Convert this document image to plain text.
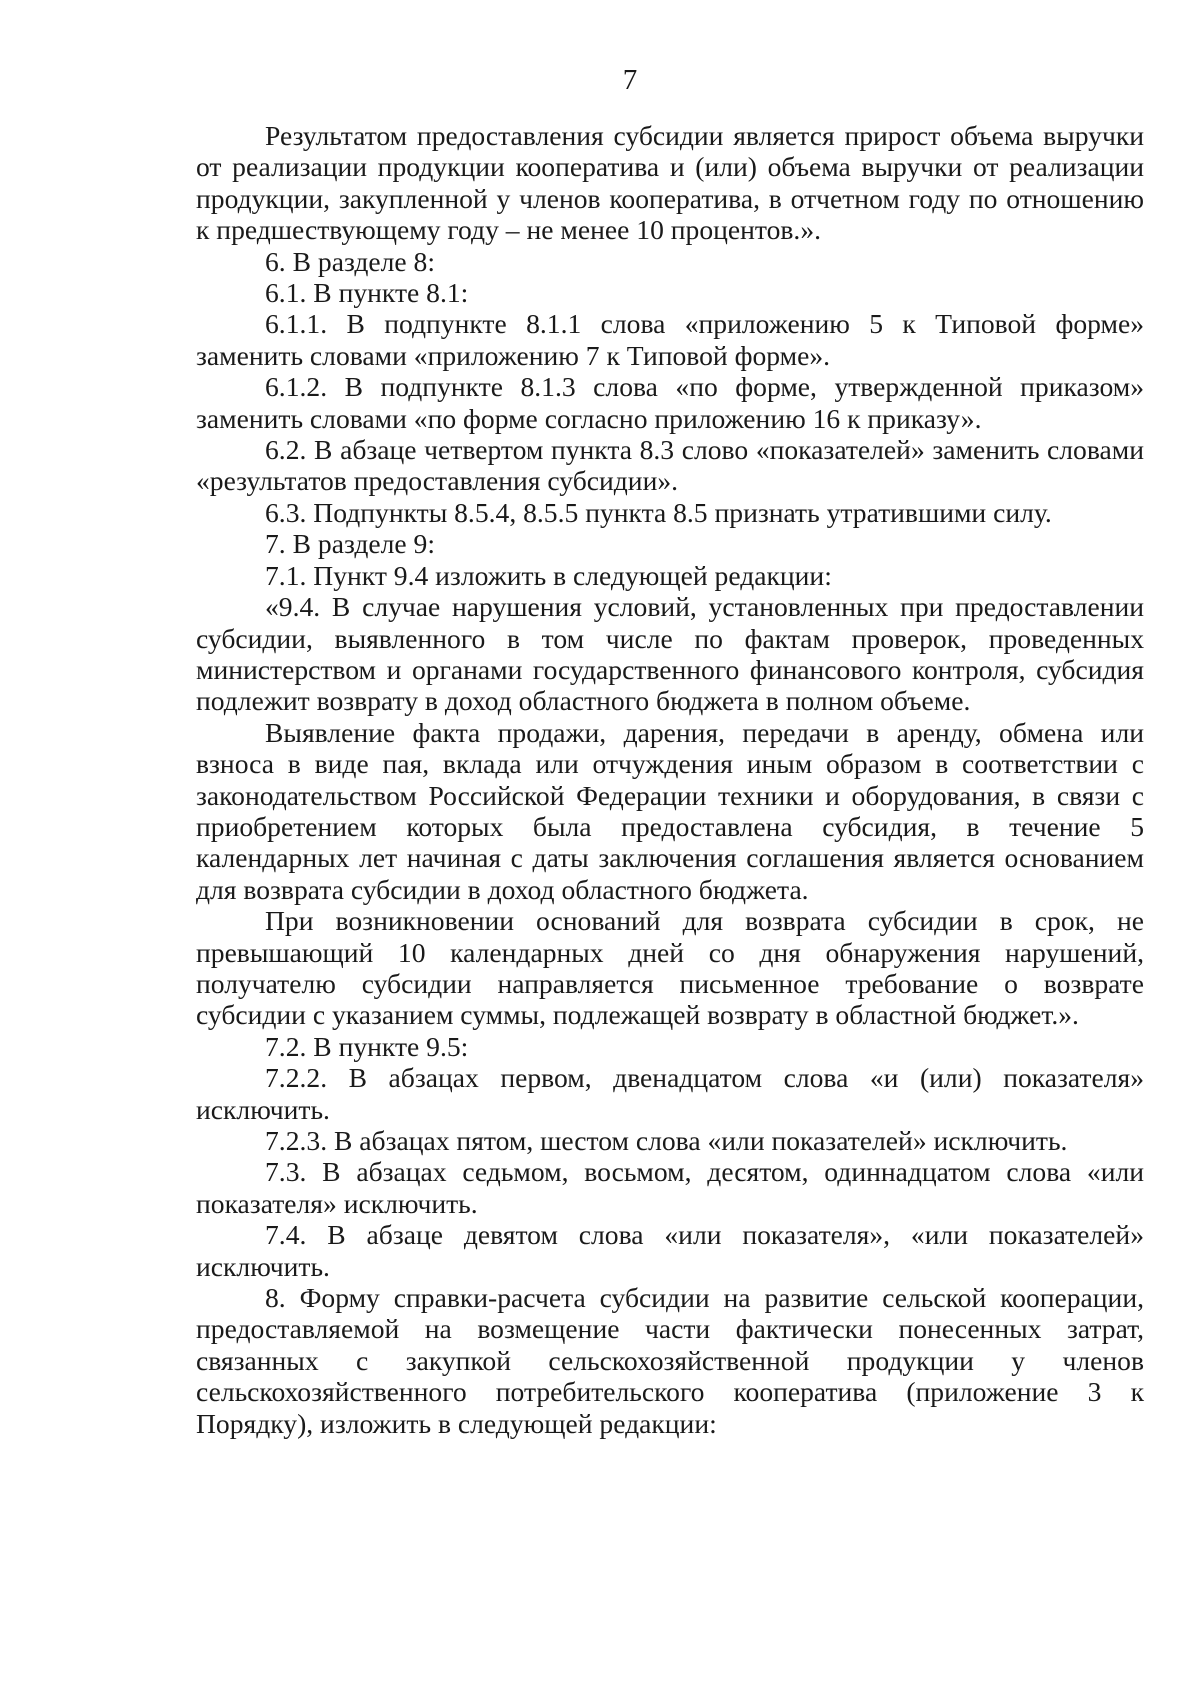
7

Результатом предоставления субсидии является прирост объема выручки от реализации продукции кооператива и (или) объема выручки от реализации продукции, закупленной у членов кооператива, в отчетном году по отношению к предшествующему году – не менее 10 процентов.».

6. В разделе 8:

6.1. В пункте 8.1:

6.1.1. В подпункте 8.1.1 слова «приложению 5 к Типовой форме» заменить словами «приложению 7 к Типовой форме».

6.1.2. В подпункте 8.1.3 слова «по форме, утвержденной приказом» заменить словами «по форме согласно приложению 16 к приказу».

6.2. В абзаце четвертом пункта 8.3 слово «показателей» заменить словами «результатов предоставления субсидии».

6.3. Подпункты 8.5.4, 8.5.5 пункта 8.5 признать утратившими силу.

7. В разделе 9:

7.1. Пункт 9.4 изложить в следующей редакции:

«9.4. В случае нарушения условий, установленных при предоставлении субсидии, выявленного в том числе по фактам проверок, проведенных министерством и органами государственного финансового контроля, субсидия подлежит возврату в доход областного бюджета в полном объеме.

Выявление факта продажи, дарения, передачи в аренду, обмена или взноса в виде пая, вклада или отчуждения иным образом в соответствии с законодательством Российской Федерации техники и оборудования, в связи с приобретением которых была предоставлена субсидия, в течение 5 календарных лет начиная с даты заключения соглашения является основанием для возврата субсидии в доход областного бюджета.

При возникновении оснований для возврата субсидии в срок, не превышающий 10 календарных дней со дня обнаружения нарушений, получателю субсидии направляется письменное требование о возврате субсидии с указанием суммы, подлежащей возврату в областной бюджет.».

7.2. В пункте 9.5:

7.2.2. В абзацах первом, двенадцатом слова «и (или) показателя» исключить.

7.2.3. В абзацах пятом, шестом слова «или показателей» исключить.

7.3. В абзацах седьмом, восьмом, десятом, одиннадцатом слова «или показателя» исключить.

7.4. В абзаце девятом слова «или показателя», «или показателей» исключить.

8. Форму справки-расчета субсидии на развитие сельской кооперации, предоставляемой на возмещение части фактически понесенных затрат, связанных с закупкой сельскохозяйственной продукции у членов сельскохозяйственного потребительского кооператива (приложение 3 к Порядку), изложить в следующей редакции:
